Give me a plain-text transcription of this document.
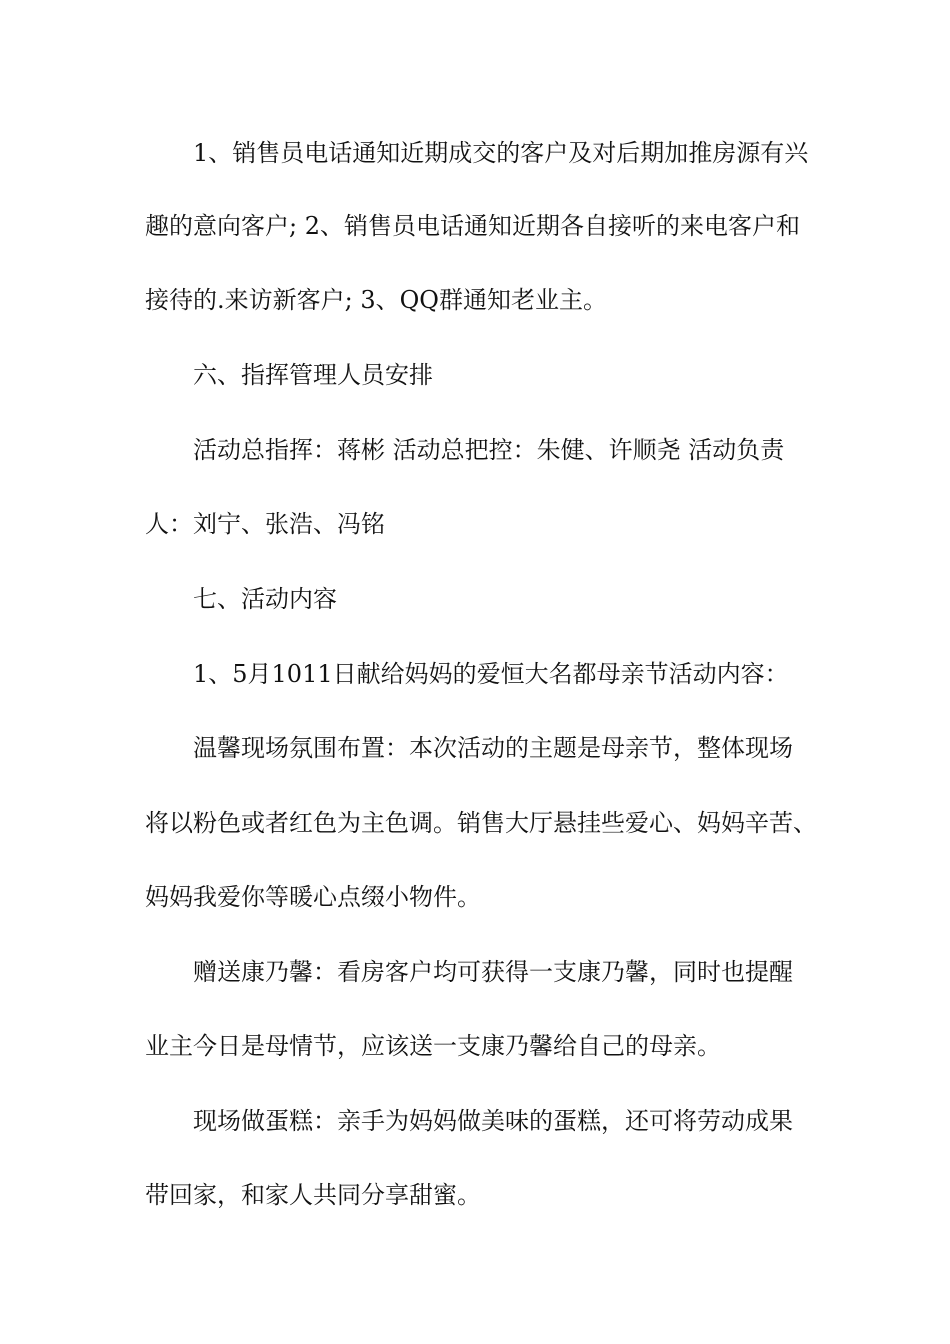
1、销售员电话通知近期成交的客户及对后期加推房源有兴

趣的意向客户; 2、销售员电话通知近期各自接听的来电客户和

接待的.来访新客户; 3、QQ群通知老业主。

六、指挥管理人员安排

活动总指挥：蒋彬 活动总把控：朱健、许顺尧 活动负责

人：刘宁、张浩、冯铭

七、活动内容

1、5月1011日献给妈妈的爱恒大名都母亲节活动内容：

温馨现场氛围布置：本次活动的主题是母亲节，整体现场

将以粉色或者红色为主色调。销售大厅悬挂些爱心、妈妈辛苦、

妈妈我爱你等暖心点缀小物件。

赠送康乃馨：看房客户均可获得一支康乃馨，同时也提醒

业主今日是母情节，应该送一支康乃馨给自己的母亲。

现场做蛋糕：亲手为妈妈做美味的蛋糕，还可将劳动成果

带回家，和家人共同分享甜蜜。
